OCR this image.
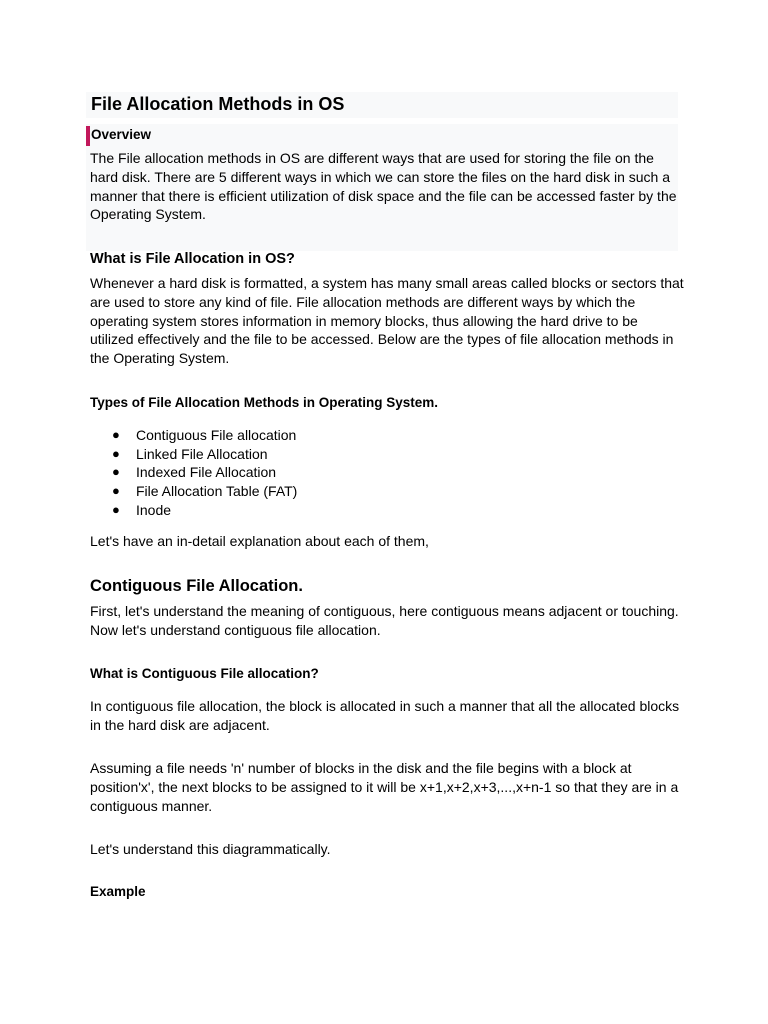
File Allocation Methods in OS
Overview

The File allocation methods in OS are different ways that are used for storing the file on the hard disk. There are 5 different ways in which we can store the files on the hard disk in such a manner that there is efficient utilization of disk space and the file can be accessed faster by the Operating System.

What is File Allocation in OS?

Whenever a hard disk is formatted, a system has many small areas called blocks or sectors that are used to store any kind of file. File allocation methods are different ways by which the operating system stores information in memory blocks, thus allowing the hard drive to be utilized effectively and the file to be accessed. Below are the types of file allocation methods in the Operating System.

Types of File Allocation Methods in Operating System.
● Contiguous File allocation
● Linked File Allocation
● Indexed File Allocation
● File Allocation Table (FAT)
● Inode

Let's have an in-detail explanation about each of them,

Contiguous File Allocation.

First, let's understand the meaning of contiguous, here contiguous means adjacent or touching. Now let's understand contiguous file allocation.

What is Contiguous File allocation?

In contiguous file allocation, the block is allocated in such a manner that all the allocated blocks in the hard disk are adjacent.

Assuming a file needs 'n' number of blocks in the disk and the file begins with a block at position'x', the next blocks to be assigned to it will be x+1,x+2,x+3,...,x+n-1 so that they are in a contiguous manner.

Let's understand this diagrammatically.

Example
